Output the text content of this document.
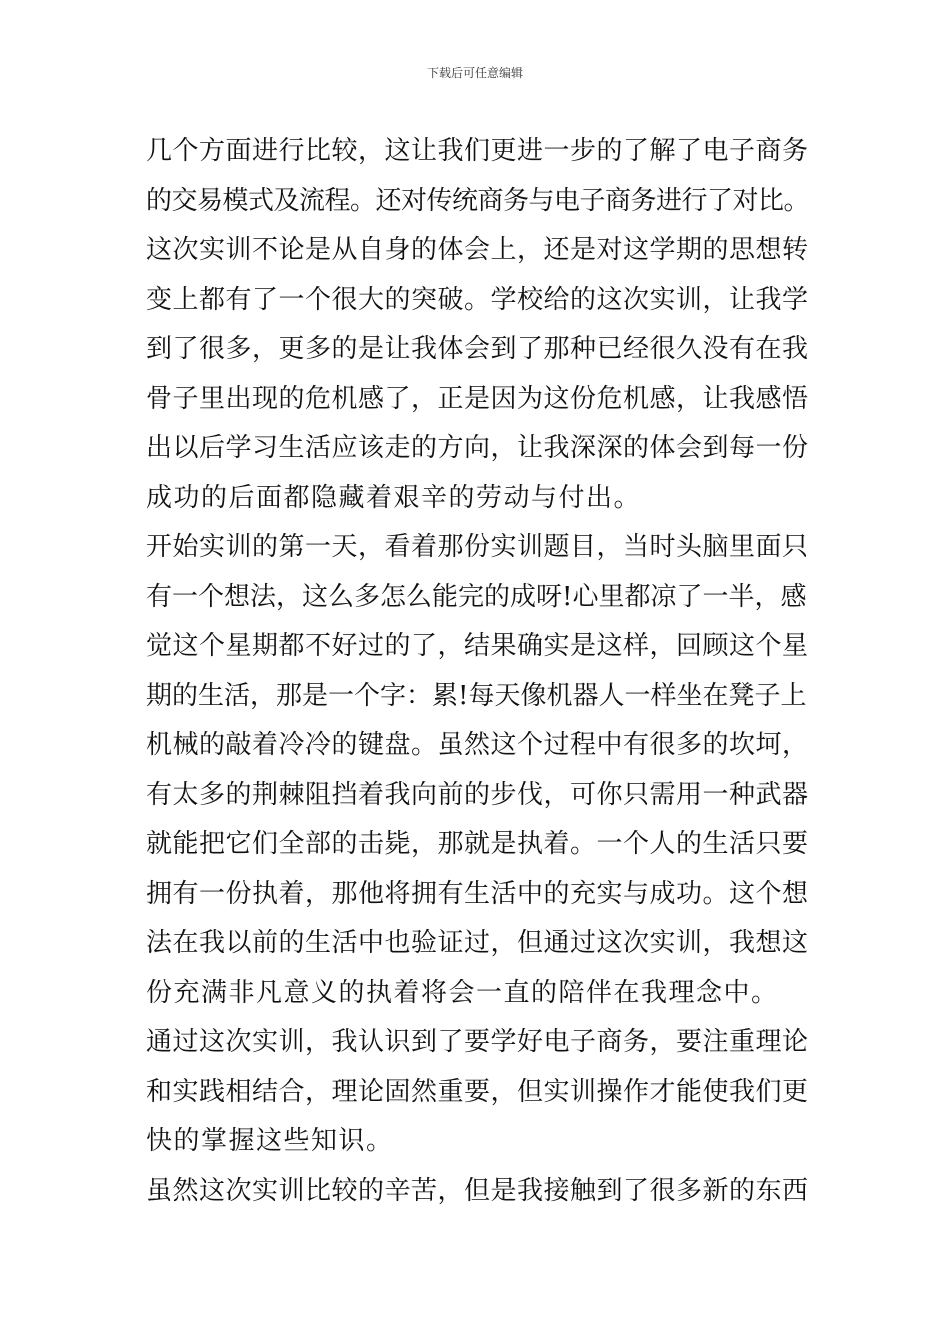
下载后可任意编辑
几个方面进行比较，这让我们更进一步的了解了电子商务
的交易模式及流程。还对传统商务与电子商务进行了对比。
这次实训不论是从自身的体会上，还是对这学期的思想转
变上都有了一个很大的突破。学校给的这次实训，让我学
到了很多，更多的是让我体会到了那种已经很久没有在我
骨子里出现的危机感了，正是因为这份危机感，让我感悟
出以后学习生活应该走的方向，让我深深的体会到每一份
成功的后面都隐藏着艰辛的劳动与付出。
开始实训的第一天，看着那份实训题目，当时头脑里面只
有一个想法，这么多怎么能完的成呀!心里都凉了一半，感
觉这个星期都不好过的了，结果确实是这样，回顾这个星
期的生活，那是一个字：累!每天像机器人一样坐在凳子上
机械的敲着冷冷的键盘。虽然这个过程中有很多的坎坷，
有太多的荆棘阻挡着我向前的步伐，可你只需用一种武器
就能把它们全部的击毙，那就是执着。一个人的生活只要
拥有一份执着，那他将拥有生活中的充实与成功。这个想
法在我以前的生活中也验证过，但通过这次实训，我想这
份充满非凡意义的执着将会一直的陪伴在我理念中。
通过这次实训，我认识到了要学好电子商务，要注重理论
和实践相结合，理论固然重要，但实训操作才能使我们更
快的掌握这些知识。
虽然这次实训比较的辛苦，但是我接触到了很多新的东西
